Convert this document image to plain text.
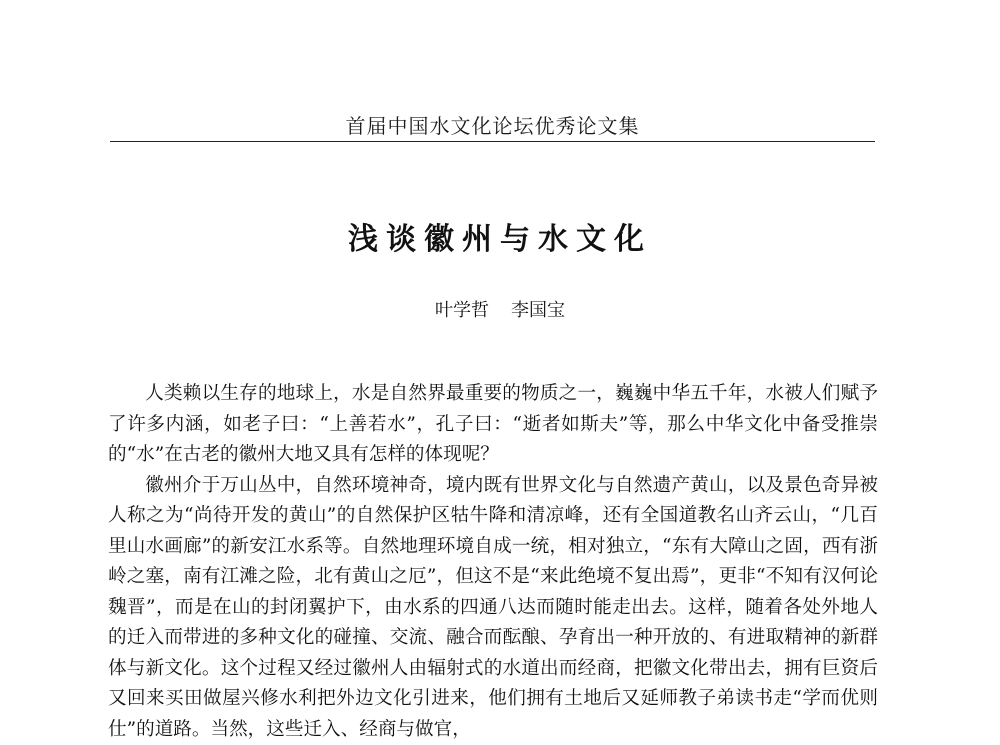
首届中国水文化论坛优秀论文集
浅谈徽州与水文化
叶学哲 李国宝

人类赖以生存的地球上，水是自然界最重要的物质之一，巍巍中华五千年，水被人们赋予了许多内涵，如老子曰：“上善若水”，孔子曰：“逝者如斯夫”等，那么中华文化中备受推崇的“水”在古老的徽州大地又具有怎样的体现呢？

徽州介于万山丛中，自然环境神奇，境内既有世界文化与自然遗产黄山，以及景色奇异被人称之为“尚待开发的黄山”的自然保护区牯牛降和清凉峰，还有全国道教名山齐云山，“几百里山水画廊”的新安江水系等。自然地理环境自成一统，相对独立，“东有大障山之固，西有浙岭之塞，南有江滩之险，北有黄山之厄”，但这不是“来此绝境不复出焉”，更非“不知有汉何论魏晋”，而是在山的封闭翼护下，由水系的四通八达而随时能走出去。这样，随着各处外地人的迁入而带进的多种文化的碰撞、交流、融合而酝酿、孕育出一种开放的、有进取精神的新群体与新文化。这个过程又经过徽州人由辐射式的水道出而经商，把徽文化带出去，拥有巨资后又回来买田做屋兴修水利把外边文化引进来，他们拥有土地后又延师教子弟读书走“学而优则仕”的道路。当然，这些迁入、经商与做官，
